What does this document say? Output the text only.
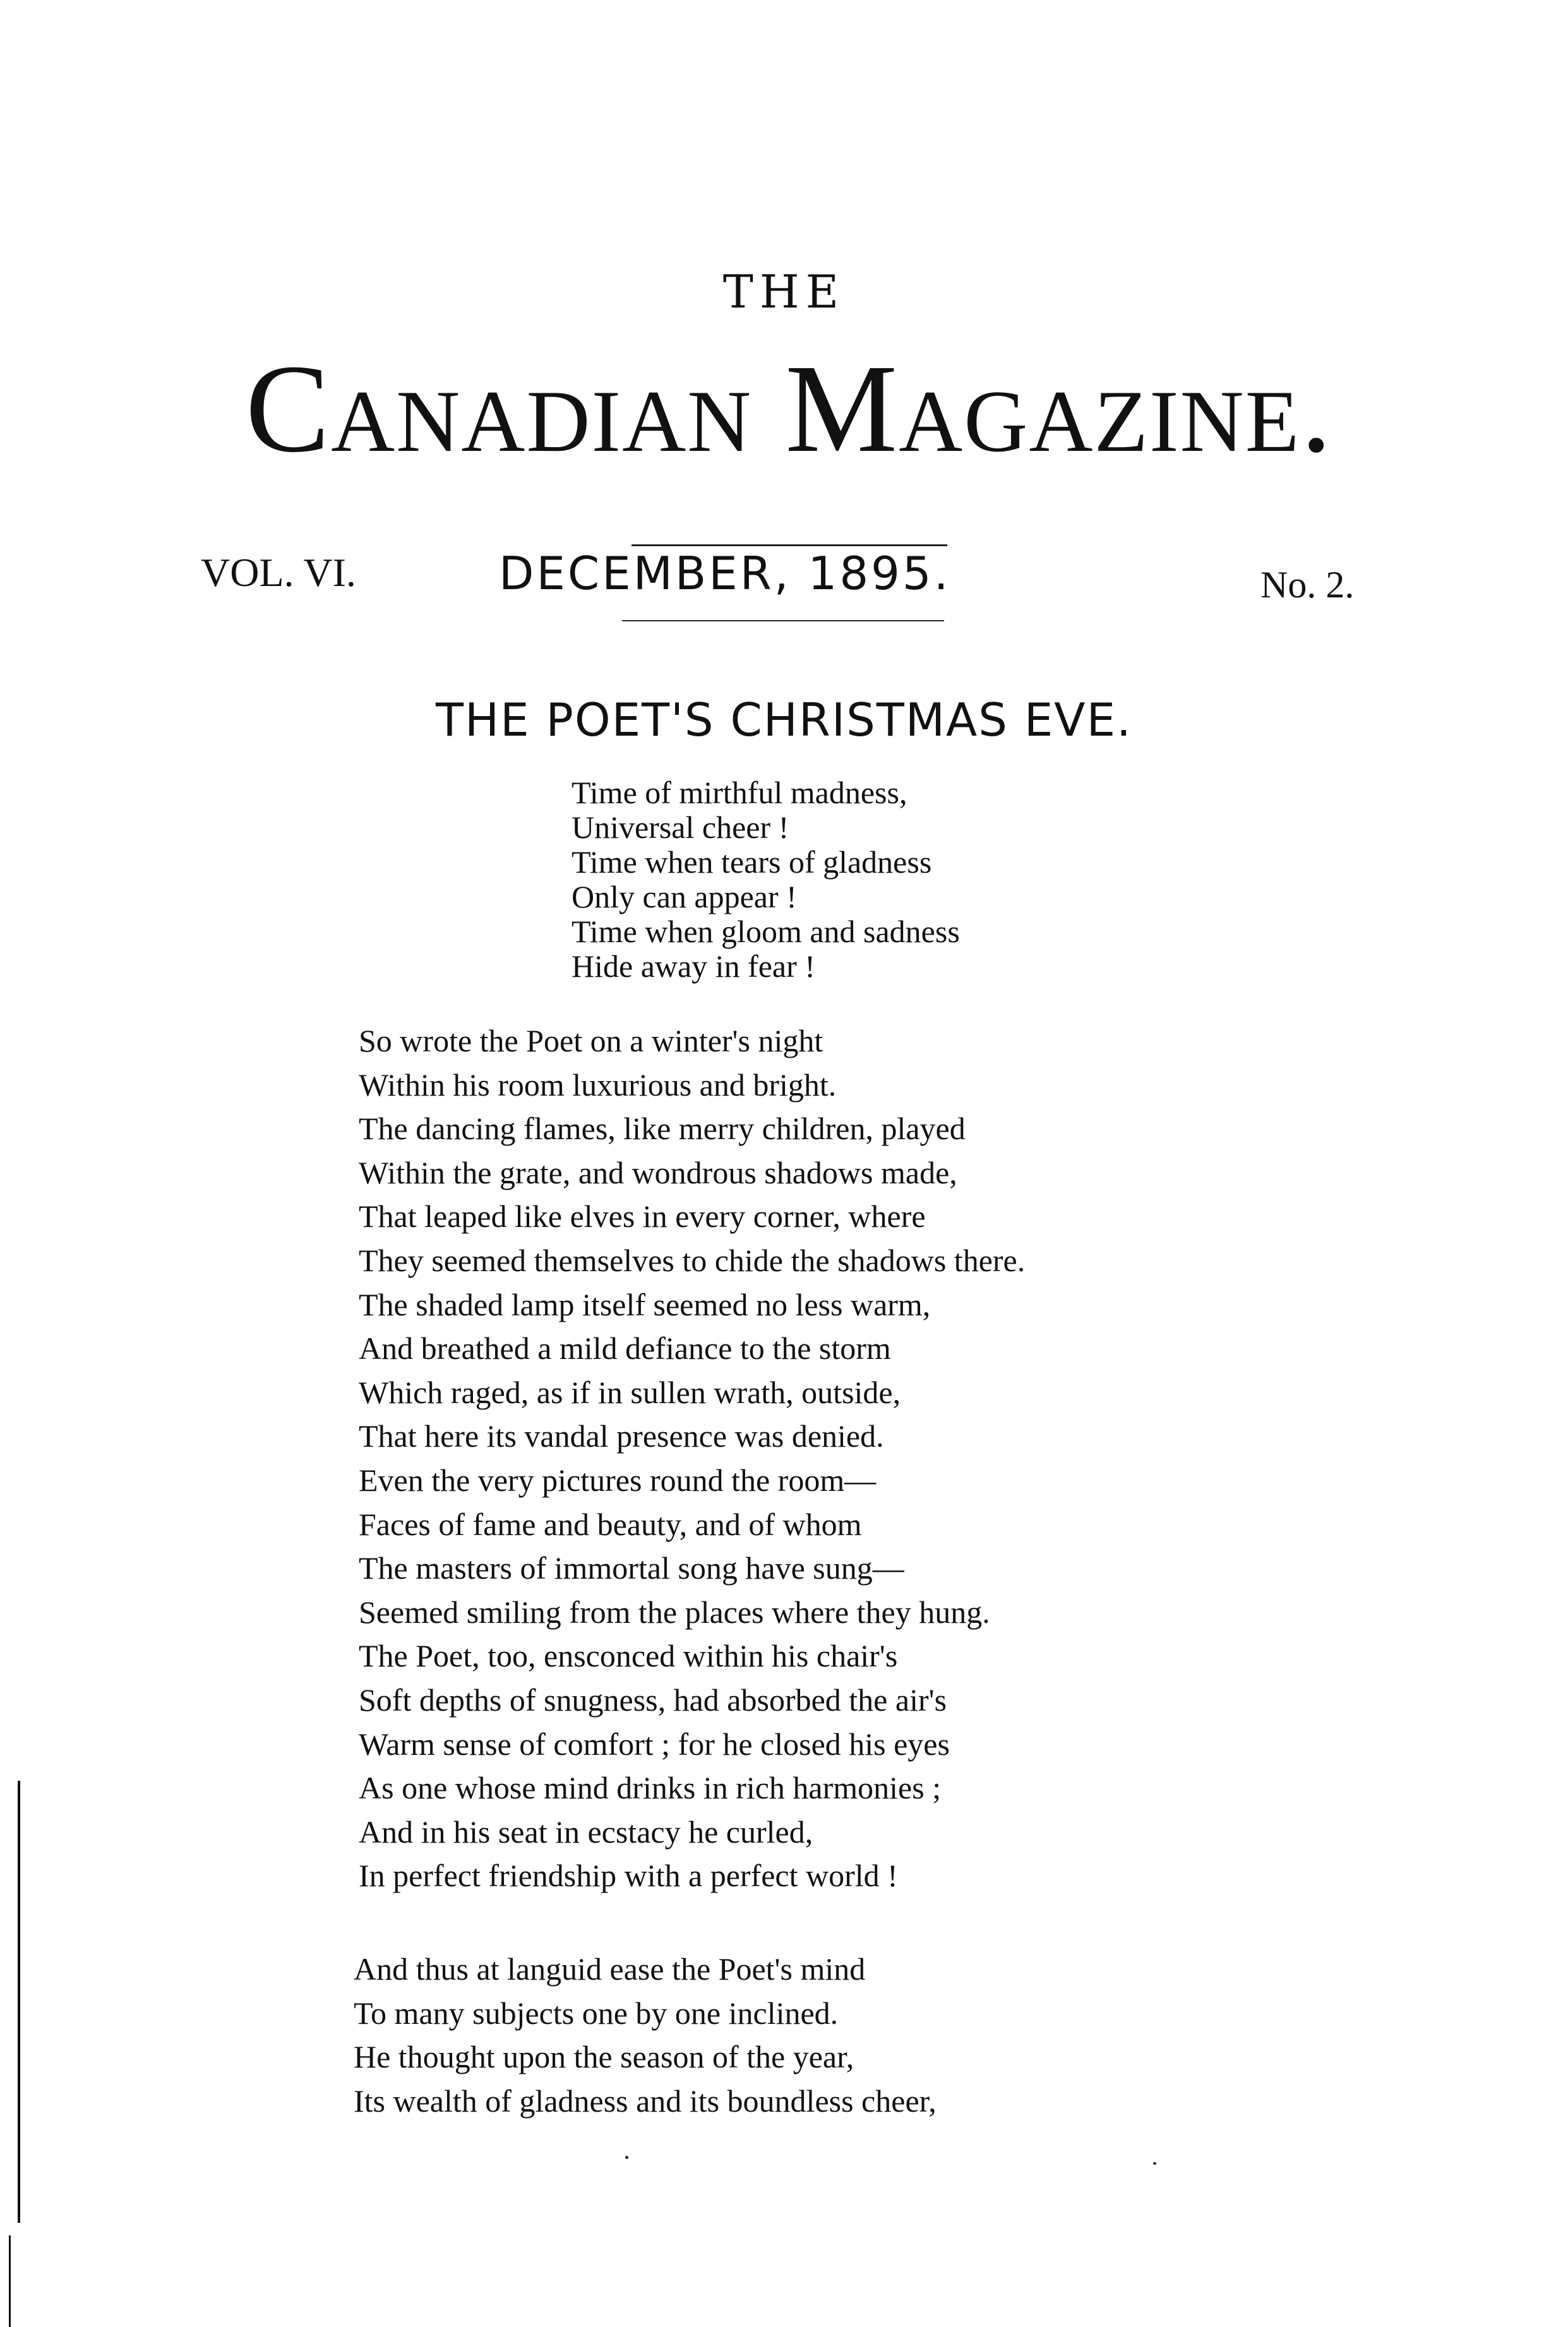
THE
Canadian Magazine.
VOL. VI.	DECEMBER, 1895.	No. 2.
THE POET'S CHRISTMAS EVE.
Time of mirthful madness,
Universal cheer !
Time when tears of gladness
Only can appear !
Time when gloom and sadness
Hide away in fear !
So wrote the Poet on a winter's night
Within his room luxurious and bright.
The dancing flames, like merry children, played
Within the grate, and wondrous shadows made,
That leaped like elves in every corner, where
They seemed themselves to chide the shadows there.
The shaded lamp itself seemed no less warm,
And breathed a mild defiance to the storm
Which raged, as if in sullen wrath, outside,
That here its vandal presence was denied.
Even the very pictures round the room—
Faces of fame and beauty, and of whom
The masters of immortal song have sung—
Seemed smiling from the places where they hung.
The Poet, too, ensconced within his chair's
Soft depths of snugness, had absorbed the air's
Warm sense of comfort ; for he closed his eyes
As one whose mind drinks in rich harmonies ;
And in his seat in ecstacy he curled,
In perfect friendship with a perfect world !
And thus at languid ease the Poet's mind
To many subjects one by one inclined.
He thought upon the season of the year,
Its wealth of gladness and its boundless cheer,
